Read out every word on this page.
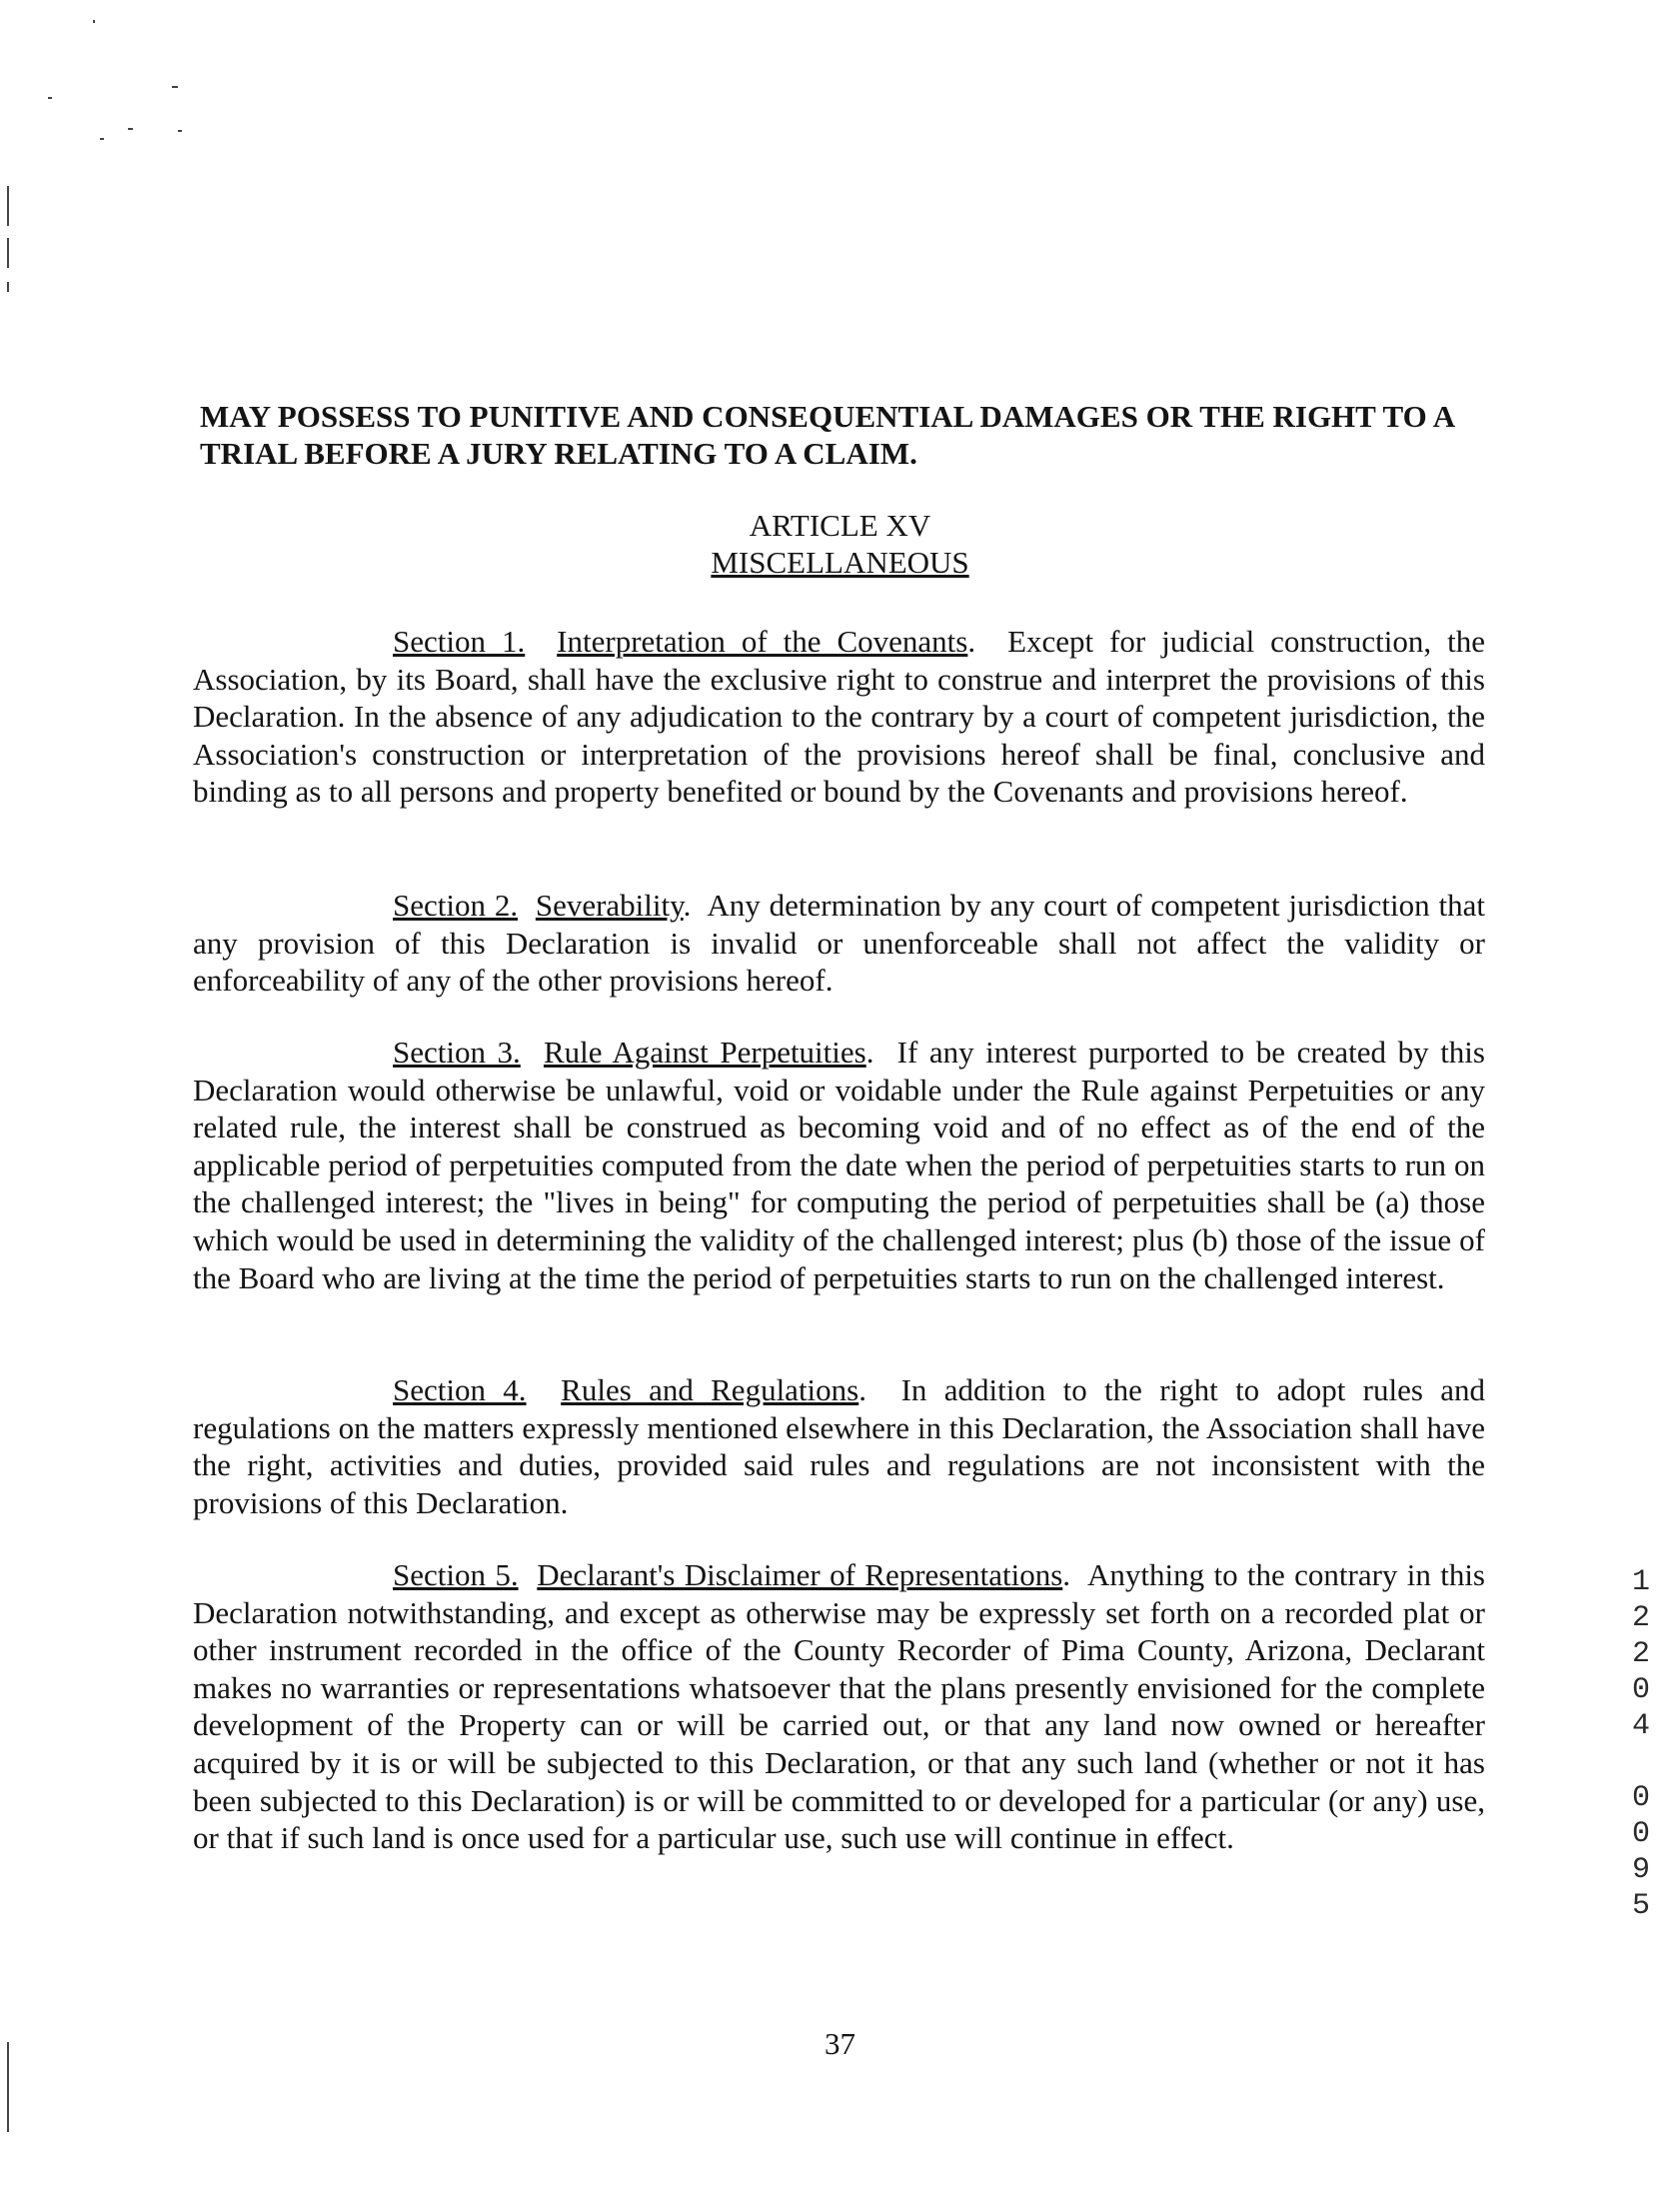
MAY POSSESS TO PUNITIVE AND CONSEQUENTIAL DAMAGES OR THE RIGHT TO A TRIAL BEFORE A JURY RELATING TO A CLAIM.
ARTICLE XV
MISCELLANEOUS
Section 1. Interpretation of the Covenants.  Except for judicial construction, the Association, by its Board, shall have the exclusive right to construe and interpret the provisions of this Declaration. In the absence of any adjudication to the contrary by a court of competent jurisdiction, the Association's construction or interpretation of the provisions hereof shall be final, conclusive and binding as to all persons and property benefited or bound by the Covenants and provisions hereof.
Section 2. Severability.  Any determination by any court of competent jurisdiction that any provision of this Declaration is invalid or unenforceable shall not affect the validity or enforceability of any of the other provisions hereof.
Section 3. Rule Against Perpetuities.  If any interest purported to be created by this Declaration would otherwise be unlawful, void or voidable under the Rule against Perpetuities or any related rule, the interest shall be construed as becoming void and of no effect as of the end of the applicable period of perpetuities computed from the date when the period of perpetuities starts to run on the challenged interest; the "lives in being" for computing the period of perpetuities shall be (a) those which would be used in determining the validity of the challenged interest; plus (b) those of the issue of the Board who are living at the time the period of perpetuities starts to run on the challenged interest.
Section 4. Rules and Regulations.  In addition to the right to adopt rules and regulations on the matters expressly mentioned elsewhere in this Declaration, the Association shall have the right, activities and duties, provided said rules and regulations are not inconsistent with the provisions of this Declaration.
Section 5. Declarant's Disclaimer of Representations.  Anything to the contrary in this Declaration notwithstanding, and except as otherwise may be expressly set forth on a recorded plat or other instrument recorded in the office of the County Recorder of Pima County, Arizona, Declarant makes no warranties or representations whatsoever that the plans presently envisioned for the complete development of the Property can or will be carried out, or that any land now owned or hereafter acquired by it is or will be subjected to this Declaration, or that any such land (whether or not it has been subjected to this Declaration) is or will be committed to or developed for a particular (or any) use, or that if such land is once used for a particular use, such use will continue in effect.
1
2
2
0
4
0
0
9
5
37
